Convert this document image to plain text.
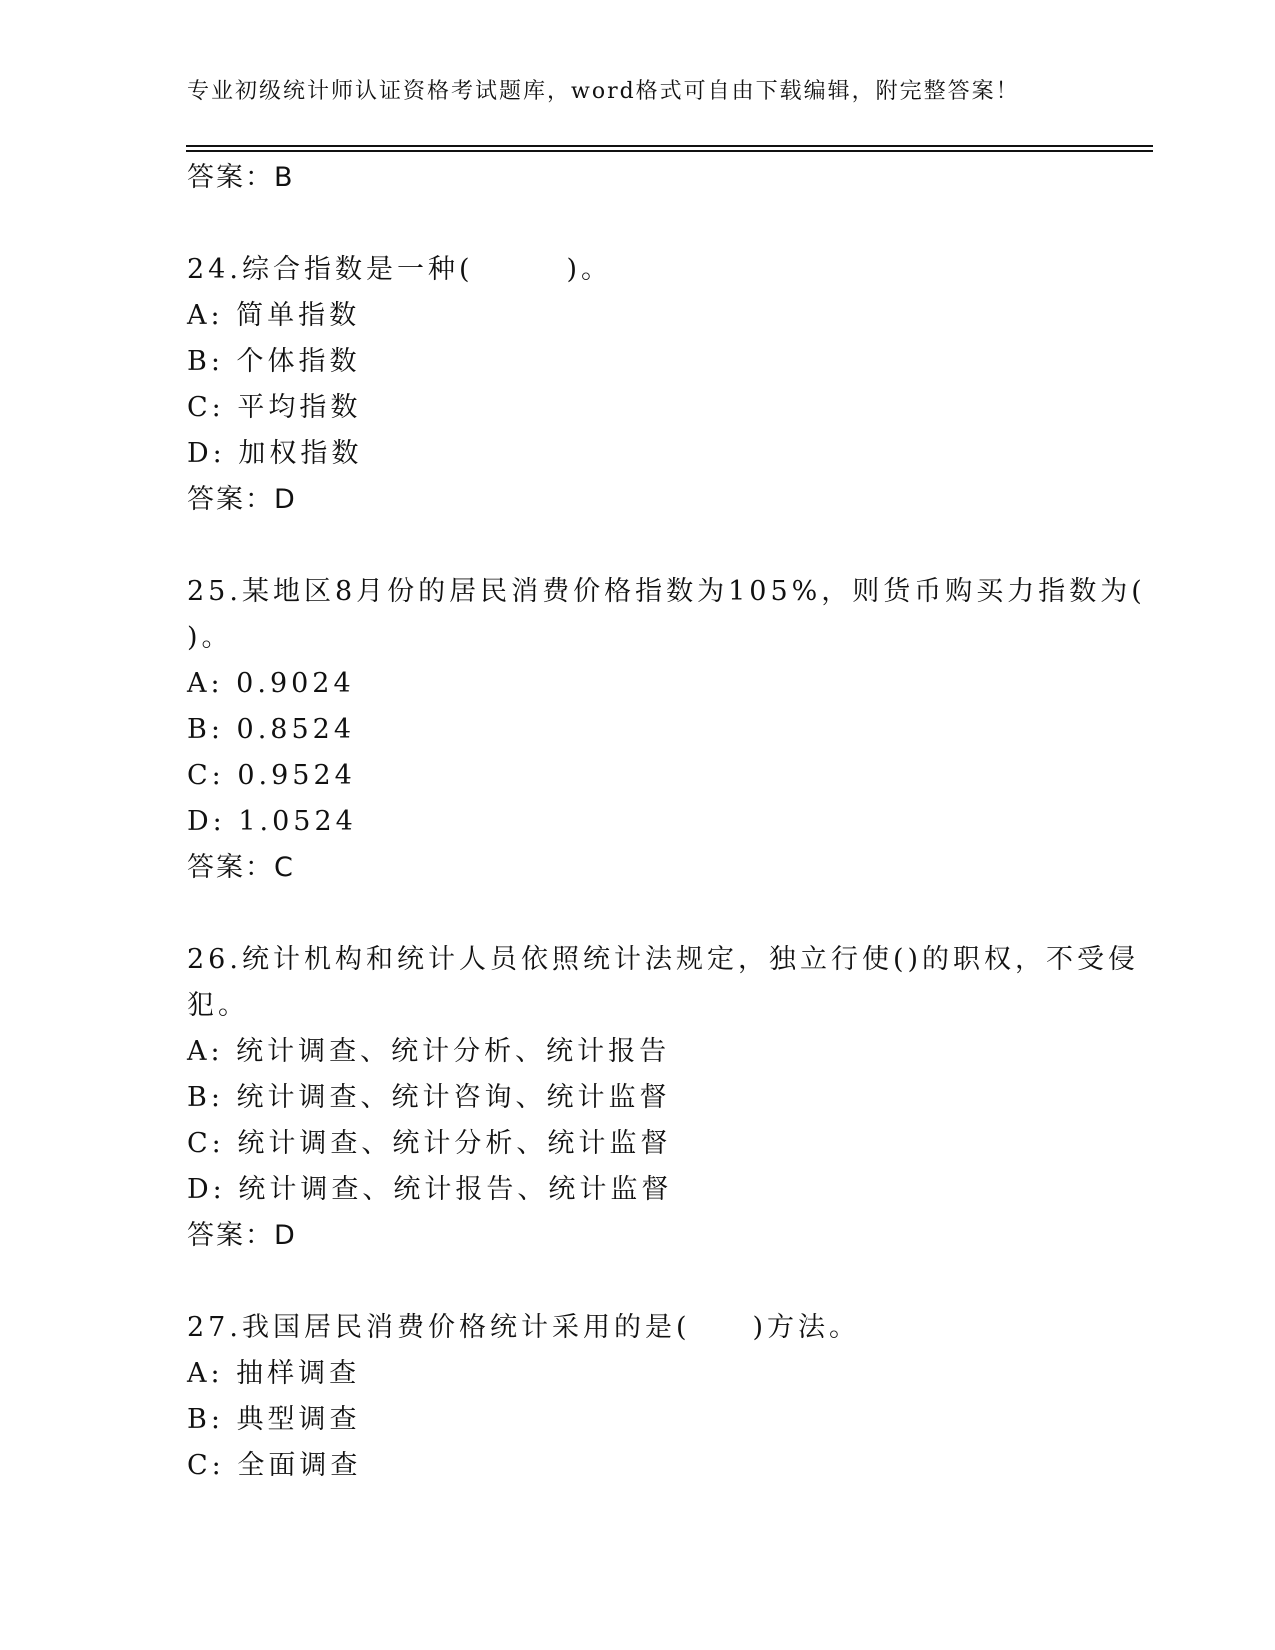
专业初级统计师认证资格考试题库，word格式可自由下载编辑，附完整答案！
答案：B
24.综合指数是一种(　　　)。
A: 简单指数
B: 个体指数
C: 平均指数
D: 加权指数
答案：D
25.某地区8月份的居民消费价格指数为105%，则货币购买力指数为(
)。
A: 0.9024
B: 0.8524
C: 0.9524
D: 1.0524
答案：C
26.统计机构和统计人员依照统计法规定，独立行使()的职权，不受侵
犯。
A: 统计调查、统计分析、统计报告
B: 统计调查、统计咨询、统计监督
C: 统计调查、统计分析、统计监督
D: 统计调查、统计报告、统计监督
答案：D
27.我国居民消费价格统计采用的是(　　)方法。
A: 抽样调查
B: 典型调查
C: 全面调查
